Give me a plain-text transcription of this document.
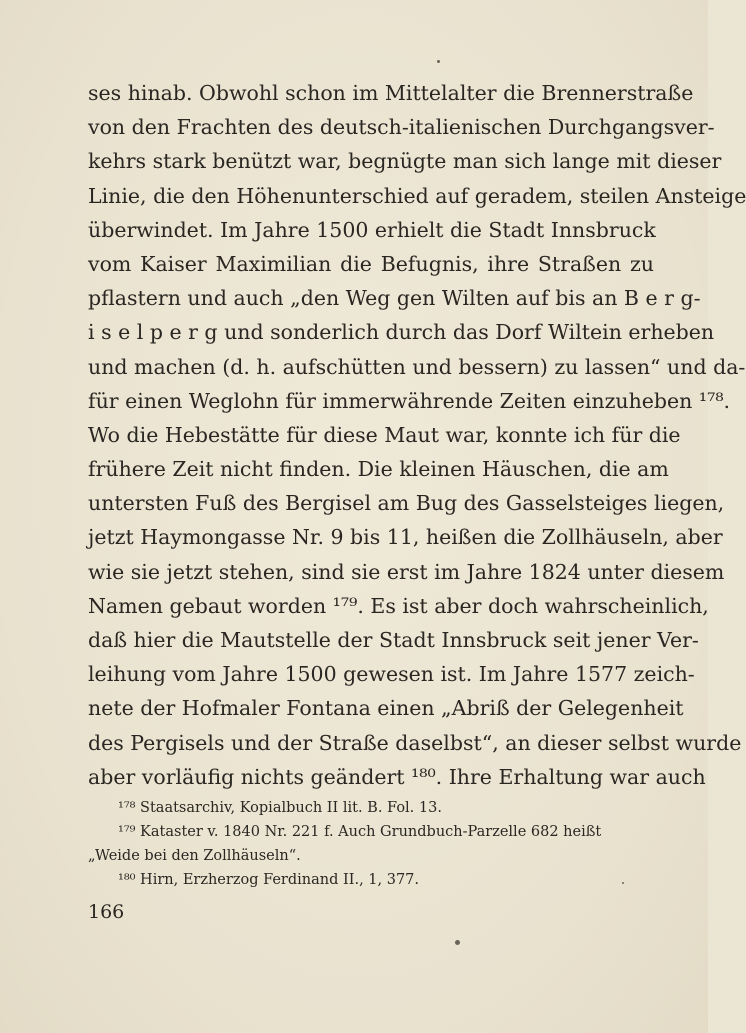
ses hinab. Obwohl schon im Mittelalter die Brennerstraße
von den Frachten des deutsch-italienischen Durchgangsver-
kehrs stark benützt war, begnügte man sich lange mit dieser
Linie, die den Höhenunterschied auf geradem, steilen Ansteige
überwindet. Im Jahre 1500 erhielt die Stadt Innsbruck
vom Kaiser Maximilian die Befugnis, ihre Straßen zu
pflastern und auch „den Weg gen Wilten auf bis an B e r g-
i s e l p e r g und sonderlich durch das Dorf Wiltein erheben
und machen (d. h. aufschütten und bessern) zu lassen“ und da-
für einen Weglohn für immerwährende Zeiten einzuheben ¹⁷⁸.
Wo die Hebestätte für diese Maut war, konnte ich für die
frühere Zeit nicht finden. Die kleinen Häuschen, die am
untersten Fuß des Bergisel am Bug des Gasselsteiges liegen,
jetzt Haymongasse Nr. 9 bis 11, heißen die Zollhäuseln, aber
wie sie jetzt stehen, sind sie erst im Jahre 1824 unter diesem
Namen gebaut worden ¹⁷⁹. Es ist aber doch wahrscheinlich,
daß hier die Mautstelle der Stadt Innsbruck seit jener Ver-
leihung vom Jahre 1500 gewesen ist. Im Jahre 1577 zeich-
nete der Hofmaler Fontana einen „Abriß der Gelegenheit
des Pergisels und der Straße daselbst“, an dieser selbst wurde
aber vorläufig nichts geändert ¹⁸⁰. Ihre Erhaltung war auch
¹⁷⁸ Staatsarchiv, Kopialbuch II lit. B. Fol. 13.
¹⁷⁹ Kataster v. 1840 Nr. 221 f. Auch Grundbuch-Parzelle 682 heißt
„Weide bei den Zollhäuseln“.
¹⁸⁰ Hirn, Erzherzog Ferdinand II., 1, 377.
166
